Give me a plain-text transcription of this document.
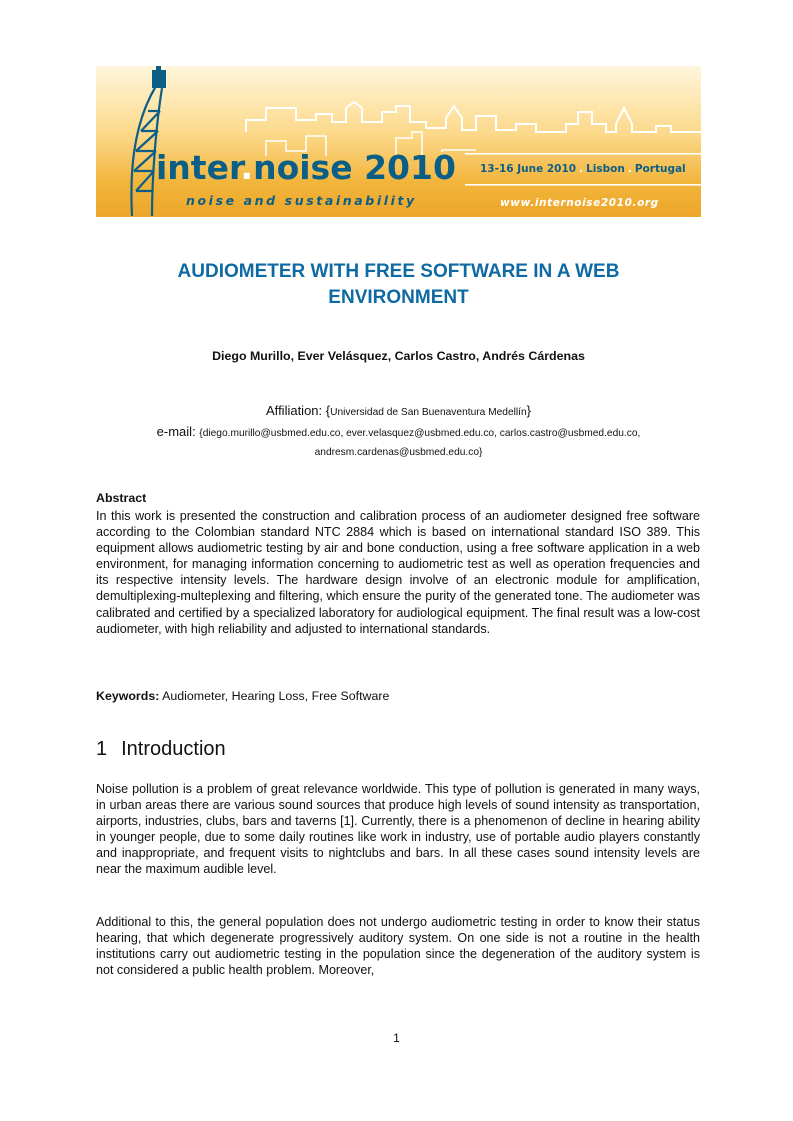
inter.noise 2010
noise and sustainability
13-16 June 2010 . Lisbon . Portugal
www.internoise2010.org
AUDIOMETER WITH FREE SOFTWARE IN A WEB
ENVIRONMENT
Diego Murillo, Ever Velásquez, Carlos Castro, Andrés Cárdenas
Affiliation: {Universidad de San Buenaventura Medellín}
e-mail: {diego.murillo@usbmed.edu.co, ever.velasquez@usbmed.edu.co, carlos.castro@usbmed.edu.co,
andresm.cardenas@usbmed.edu.co}
Abstract
In this work is presented the construction and calibration process of an audiometer designed free software according to the Colombian standard NTC 2884 which is based on international standard ISO 389. This equipment allows audiometric testing by air and bone conduction, using a free software application in a web environment, for managing information concerning to audiometric test as well as operation frequencies and its respective intensity levels. The hardware design involve of an electronic module for amplification, demultiplexing-multeplexing and filtering, which ensure the purity of the generated tone. The audiometer was calibrated and certified by a specialized laboratory for audiological equipment. The final result was a low-cost audiometer, with high reliability and adjusted to international standards.
Keywords: Audiometer, Hearing Loss, Free Software
1 Introduction
Noise pollution is a problem of great relevance worldwide. This type of pollution is generated in many ways, in urban areas there are various sound sources that produce high levels of sound intensity as transportation, airports, industries, clubs, bars and taverns [1]. Currently, there is a phenomenon of decline in hearing ability in younger people, due to some daily routines like work in industry, use of portable audio players constantly and inappropriate, and frequent visits to nightclubs and bars. In all these cases sound intensity levels are near the maximum audible level.
Additional to this, the general population does not undergo audiometric testing in order to know their status hearing, that which degenerate progressively auditory system. On one side is not a routine in the health institutions carry out audiometric testing in the population since the degeneration of the auditory system is not considered a public health problem. Moreover,
1
